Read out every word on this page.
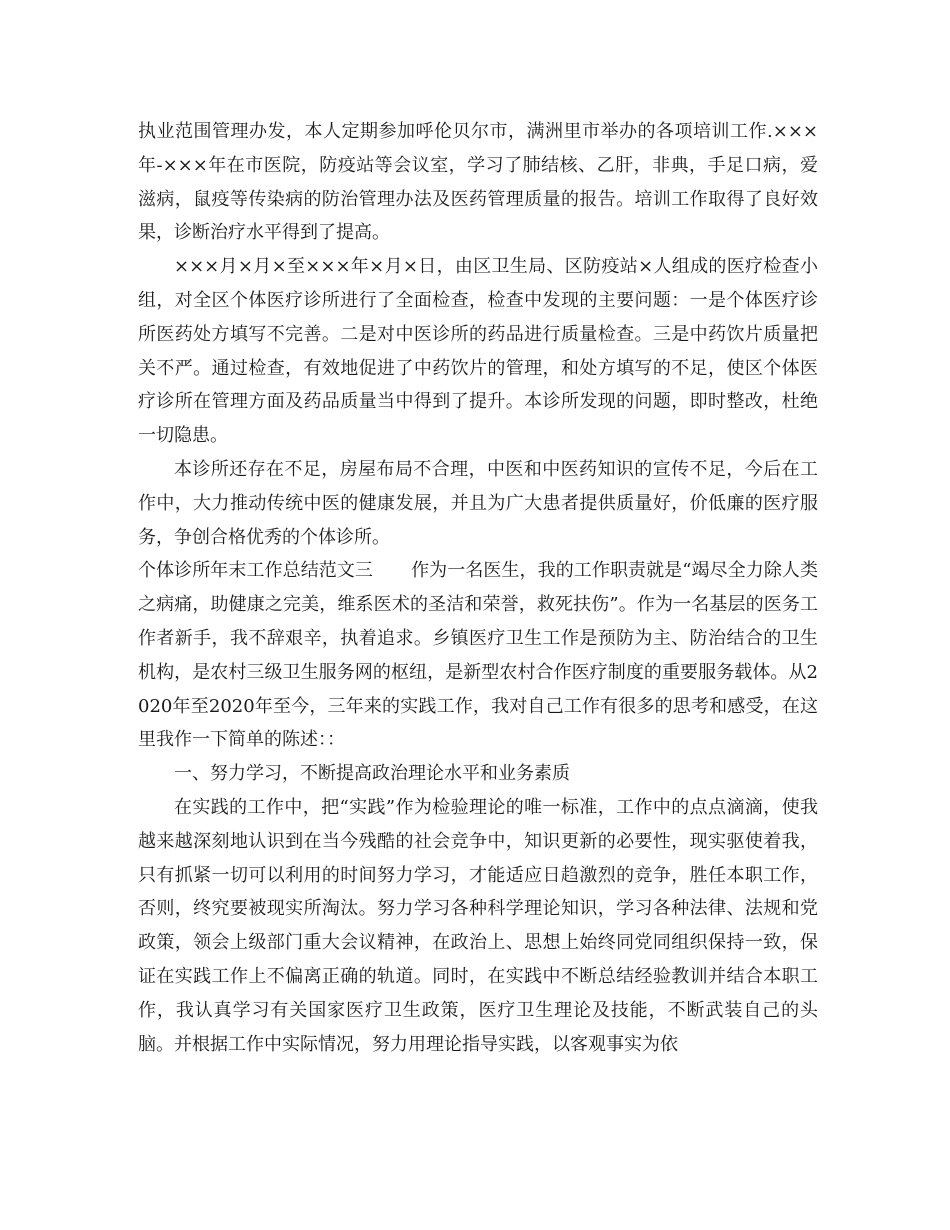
执业范围管理办发，本人定期参加呼伦贝尔市，满洲里市举办的各项培训工作.×××年-×××年在市医院，防疫站等会议室，学习了肺结核、乙肝，非典，手足口病，爱滋病，鼠疫等传染病的防治管理办法及医药管理质量的报告。培训工作取得了良好效果，诊断治疗水平得到了提高。

×××月×月×至×××年×月×日，由区卫生局、区防疫站×人组成的医疗检查小组，对全区个体医疗诊所进行了全面检查，检查中发现的主要问题：一是个体医疗诊所医药处方填写不完善。二是对中医诊所的药品进行质量检查。三是中药饮片质量把关不严。通过检查，有效地促进了中药饮片的管理，和处方填写的不足，使区个体医疗诊所在管理方面及药品质量当中得到了提升。本诊所发现的问题，即时整改，杜绝一切隐患。

本诊所还存在不足，房屋布局不合理，中医和中医药知识的宣传不足，今后在工作中，大力推动传统中医的健康发展，并且为广大患者提供质量好，价低廉的医疗服务，争创合格优秀的个体诊所。

个体诊所年末工作总结范文三 作为一名医生，我的工作职责就是“竭尽全力除人类之病痛，助健康之完美，维系医术的圣洁和荣誉，救死扶伤”。作为一名基层的医务工作者新手，我不辞艰辛，执着追求。乡镇医疗卫生工作是预防为主、防治结合的卫生机构，是农村三级卫生服务网的枢纽，是新型农村合作医疗制度的重要服务载体。从2020年至2020年至今，三年来的实践工作，我对自己工作有很多的思考和感受，在这里我作一下简单的陈述：：

一、努力学习，不断提高政治理论水平和业务素质

在实践的工作中，把“实践”作为检验理论的唯一标准，工作中的点点滴滴，使我越来越深刻地认识到在当今残酷的社会竞争中，知识更新的必要性，现实驱使着我，只有抓紧一切可以利用的时间努力学习，才能适应日趋激烈的竞争，胜任本职工作，否则，终究要被现实所淘汰。努力学习各种科学理论知识，学习各种法律、法规和党政策，领会上级部门重大会议精神，在政治上、思想上始终同党同组织保持一致，保证在实践工作上不偏离正确的轨道。同时，在实践中不断总结经验教训并结合本职工作，我认真学习有关国家医疗卫生政策，医疗卫生理论及技能，不断武装自己的头脑。并根据工作中实际情况，努力用理论指导实践，以客观事实为依
